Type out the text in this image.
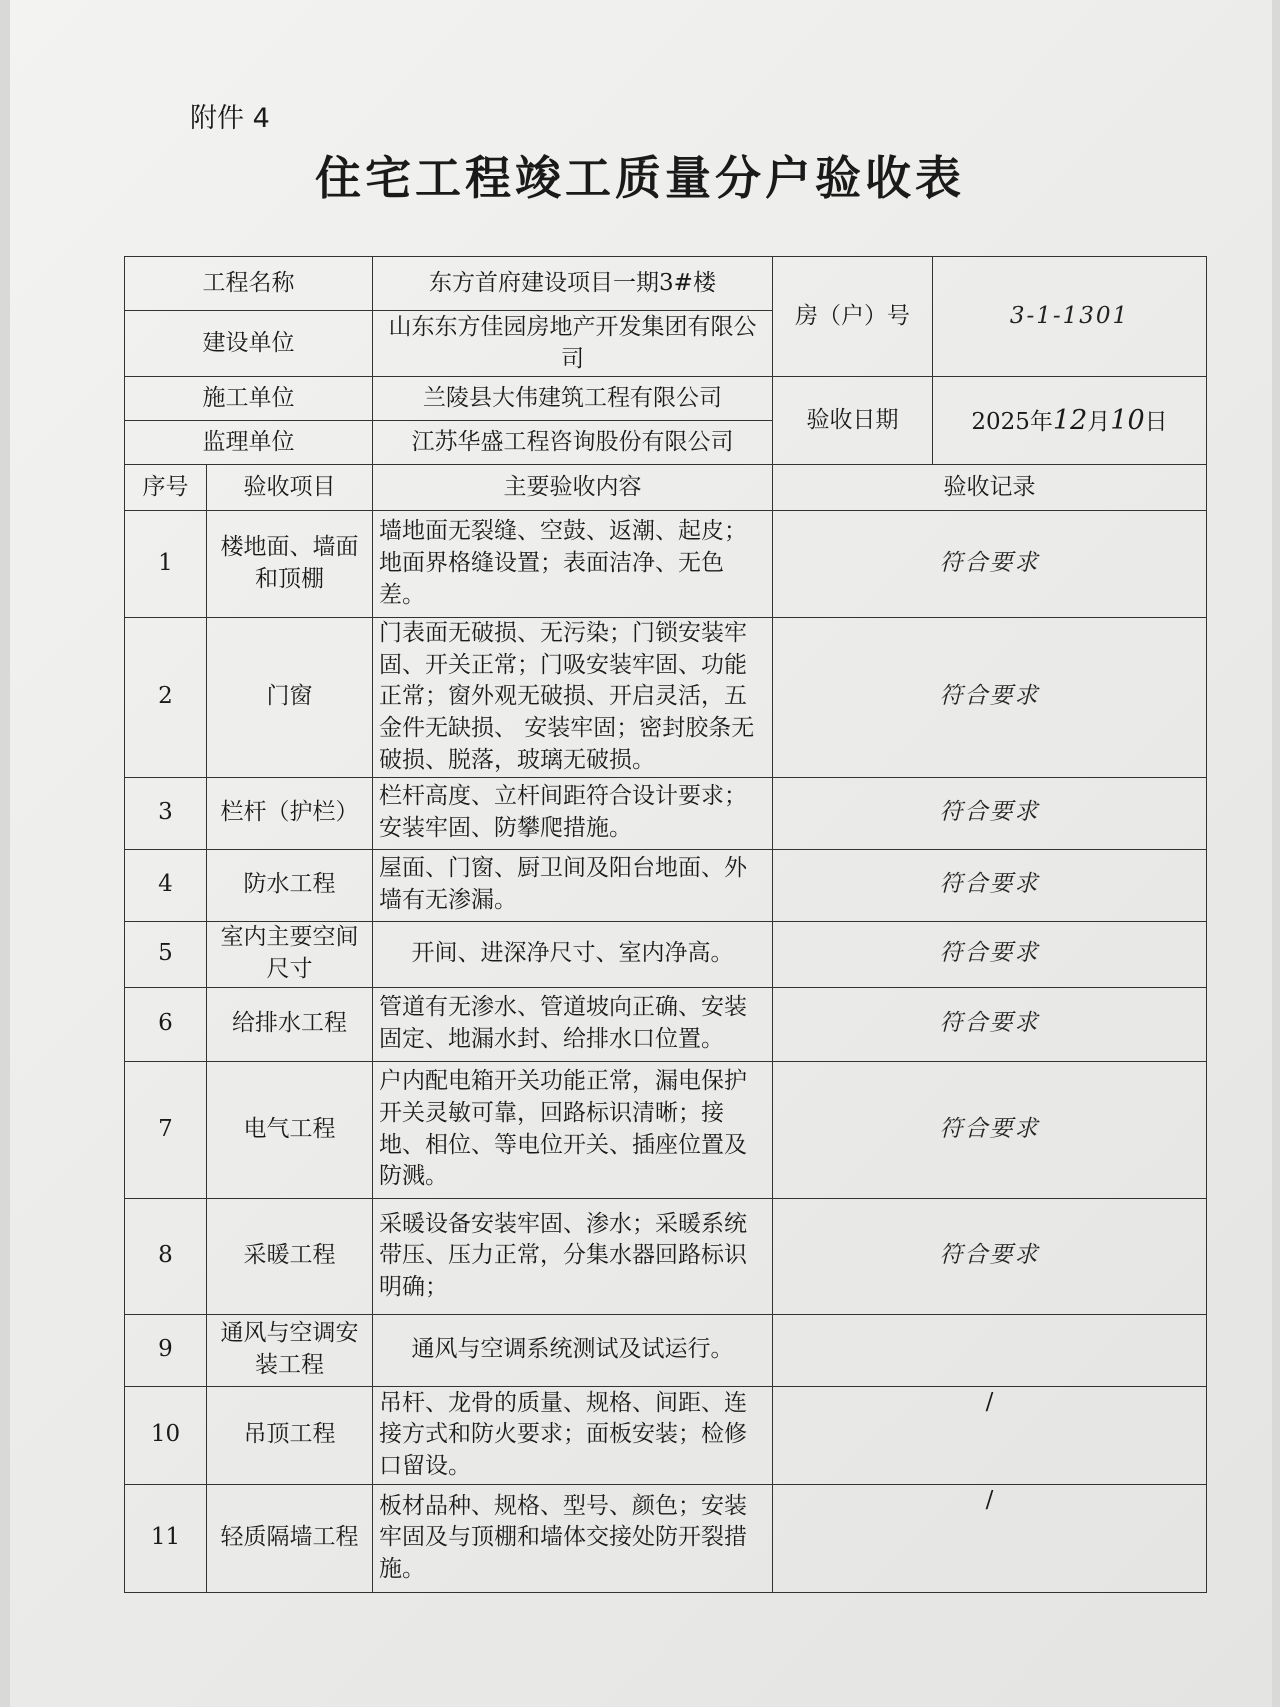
附件 4
住宅工程竣工质量分户验收表
工程名称		东方首府建设项目一期3#楼	房（户）号	3-1-1301
建设单位		山东东方佳园房地产开发集团有限公司		
施工单位		兰陵县大伟建筑工程有限公司	验收日期	2025年12月10日
监理单位		江苏华盛工程咨询股份有限公司		
序号	验收项目	主要验收内容	验收记录	
1	楼地面、墙面和顶棚	墙地面无裂缝、空鼓、返潮、起皮；地面界格缝设置；表面洁净、无色差。	符合要求	
2	门窗	门表面无破损、无污染；门锁安装牢固、开关正常；门吸安装牢固、功能正常；窗外观无破损、开启灵活，五金件无缺损、 安装牢固；密封胶条无破损、脱落，玻璃无破损。	符合要求	
3	栏杆（护栏）	栏杆高度、立杆间距符合设计要求；安装牢固、防攀爬措施。	符合要求	
4	防水工程	屋面、门窗、厨卫间及阳台地面、外墙有无渗漏。	符合要求	
5	室内主要空间尺寸	开间、进深净尺寸、室内净高。	符合要求	
6	给排水工程	管道有无渗水、管道坡向正确、安装固定、地漏水封、给排水口位置。	符合要求	
7	电气工程	户内配电箱开关功能正常，漏电保护开关灵敏可靠，回路标识清晰；接地、相位、等电位开关、插座位置及防溅。	符合要求	
8	采暖工程	采暖设备安装牢固、渗水；采暖系统带压、压力正常，分集水器回路标识明确；	符合要求	
9	通风与空调安装工程	通风与空调系统测试及试运行。		
10	吊顶工程	吊杆、龙骨的质量、规格、间距、连接方式和防火要求；面板安装；检修口留设。	/	
11	轻质隔墙工程	板材品种、规格、型号、颜色；安装牢固及与顶棚和墙体交接处防开裂措施。	/	
